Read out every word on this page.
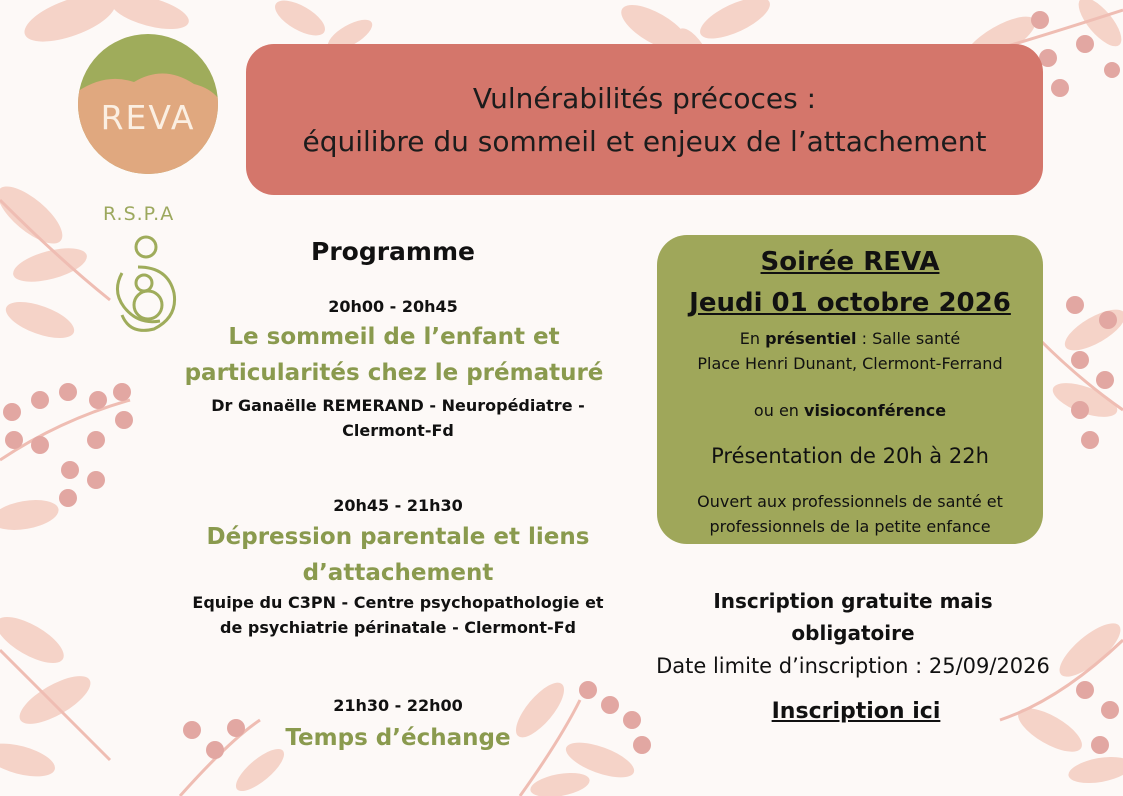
REVA
R.S.P.A
Vulnérabilités précoces :
équilibre du sommeil et enjeux de l’attachement
Programme
20h00 - 20h45
Le sommeil de l’enfant et
particularités chez le prématuré
Dr Ganaëlle REMERAND - Neuropédiatre -
Clermont-Fd
20h45 - 21h30
Dépression parentale et liens
d’attachement
Equipe du C3PN - Centre psychopathologie et
de psychiatrie périnatale - Clermont-Fd
21h30 - 22h00
Temps d’échange
Soirée REVA
Jeudi 01 octobre 2026
En présentiel : Salle santé
Place Henri Dunant, Clermont-Ferrand
ou en visioconférence
Présentation de 20h à 22h
Ouvert aux professionnels de santé et
professionnels de la petite enfance
Inscription gratuite mais
obligatoire
Date limite d’inscription : 25/09/2026
Inscription ici
